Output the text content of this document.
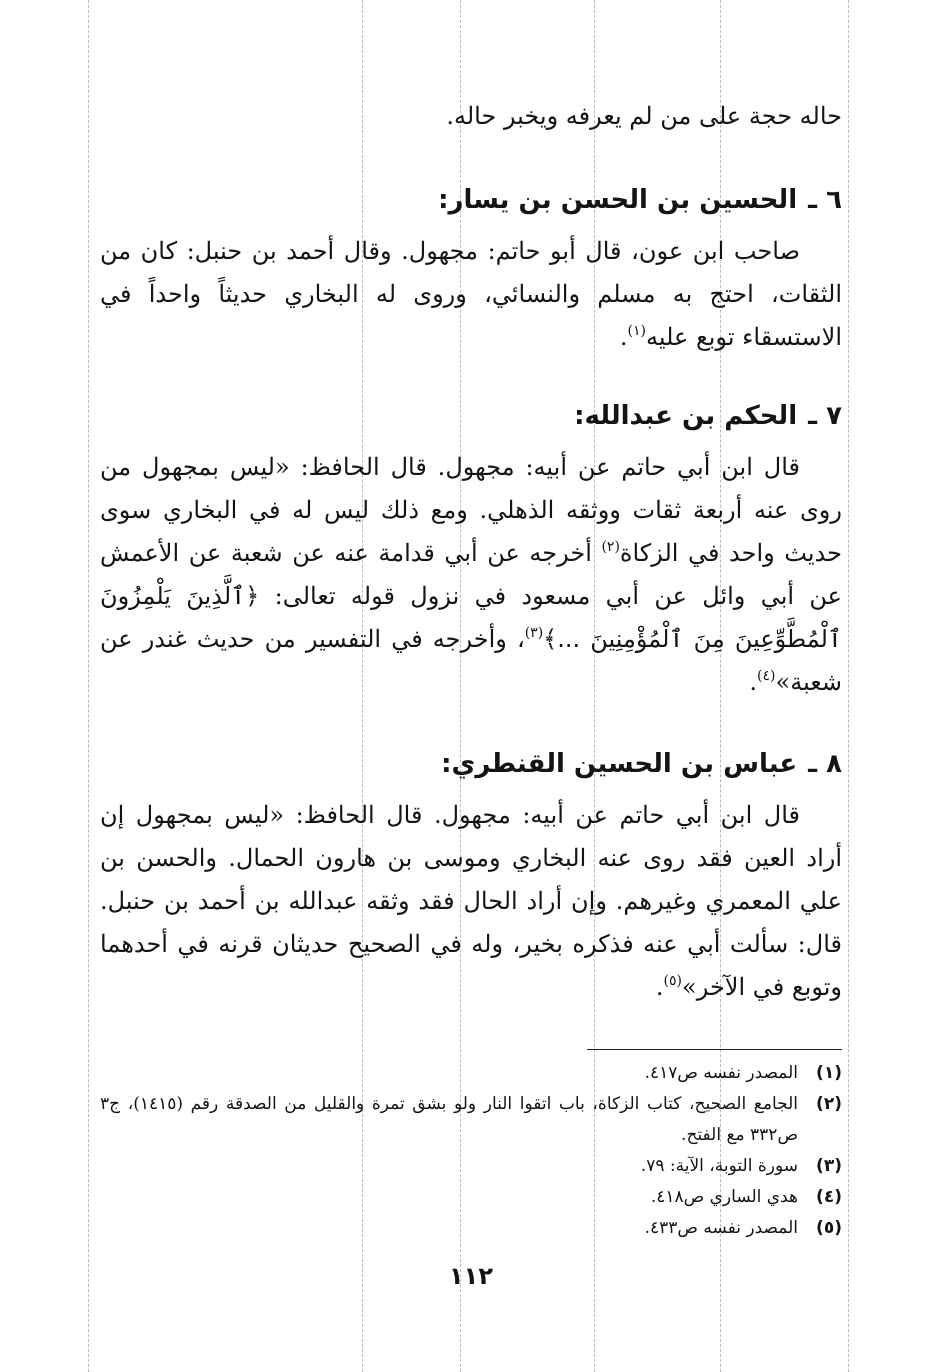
حاله حجة على من لم يعرفه ويخبر حاله.

٦ ـ الحسين بن الحسن بن يسار:

صاحب ابن عون، قال أبو حاتم: مجهول. وقال أحمد بن حنبل: كان من الثقات، احتج به مسلم والنسائي، وروى له البخاري حديثاً واحداً في الاستسقاء توبع عليه$^{(١)}$.

٧ ـ الحكم بن عبدالله:

قال ابن أبي حاتم عن أبيه: مجهول. قال الحافظ: «ليس بمجهول من روى عنه أربعة ثقات ووثقه الذهلي. ومع ذلك ليس له في البخاري سوى حديث واحد في الزكاة$^{(٢)}$ أخرجه عن أبي قدامة عنه عن شعبة عن الأعمش عن أبي وائل عن أبي مسعود في نزول قوله تعالى: ﴿ٱلَّذِينَ يَلْمِزُونَ ٱلْمُطَّوِّعِينَ مِنَ ٱلْمُؤْمِنِينَ ...﴾$^{(٣)}$، وأخرجه في التفسير من حديث غندر عن شعبة»$^{(٤)}$.

٨ ـ عباس بن الحسين القنطري:

قال ابن أبي حاتم عن أبيه: مجهول. قال الحافظ: «ليس بمجهول إن أراد العين فقد روى عنه البخاري وموسى بن هارون الحمال. والحسن بن علي المعمري وغيرهم. وإن أراد الحال فقد وثقه عبدالله بن أحمد بن حنبل. قال: سألت أبي عنه فذكره بخير، وله في الصحيح حديثان قرنه في أحدهما وتوبع في الآخر»$^{(٥)}$.

(١)
المصدر نفسه ص٤١٧.
(٢)
الجامع الصحيح، كتاب الزكاة، باب اتقوا النار ولو بشق تمرة والقليل من الصدقة رقم (١٤١٥)، ج٣ ص٣٣٢ مع الفتح.
(٣)
سورة التوبة، الآية: ٧٩.
(٤)
هدي الساري ص٤١٨.
(٥)
المصدر نفسه ص٤٣٣.
١١٢
